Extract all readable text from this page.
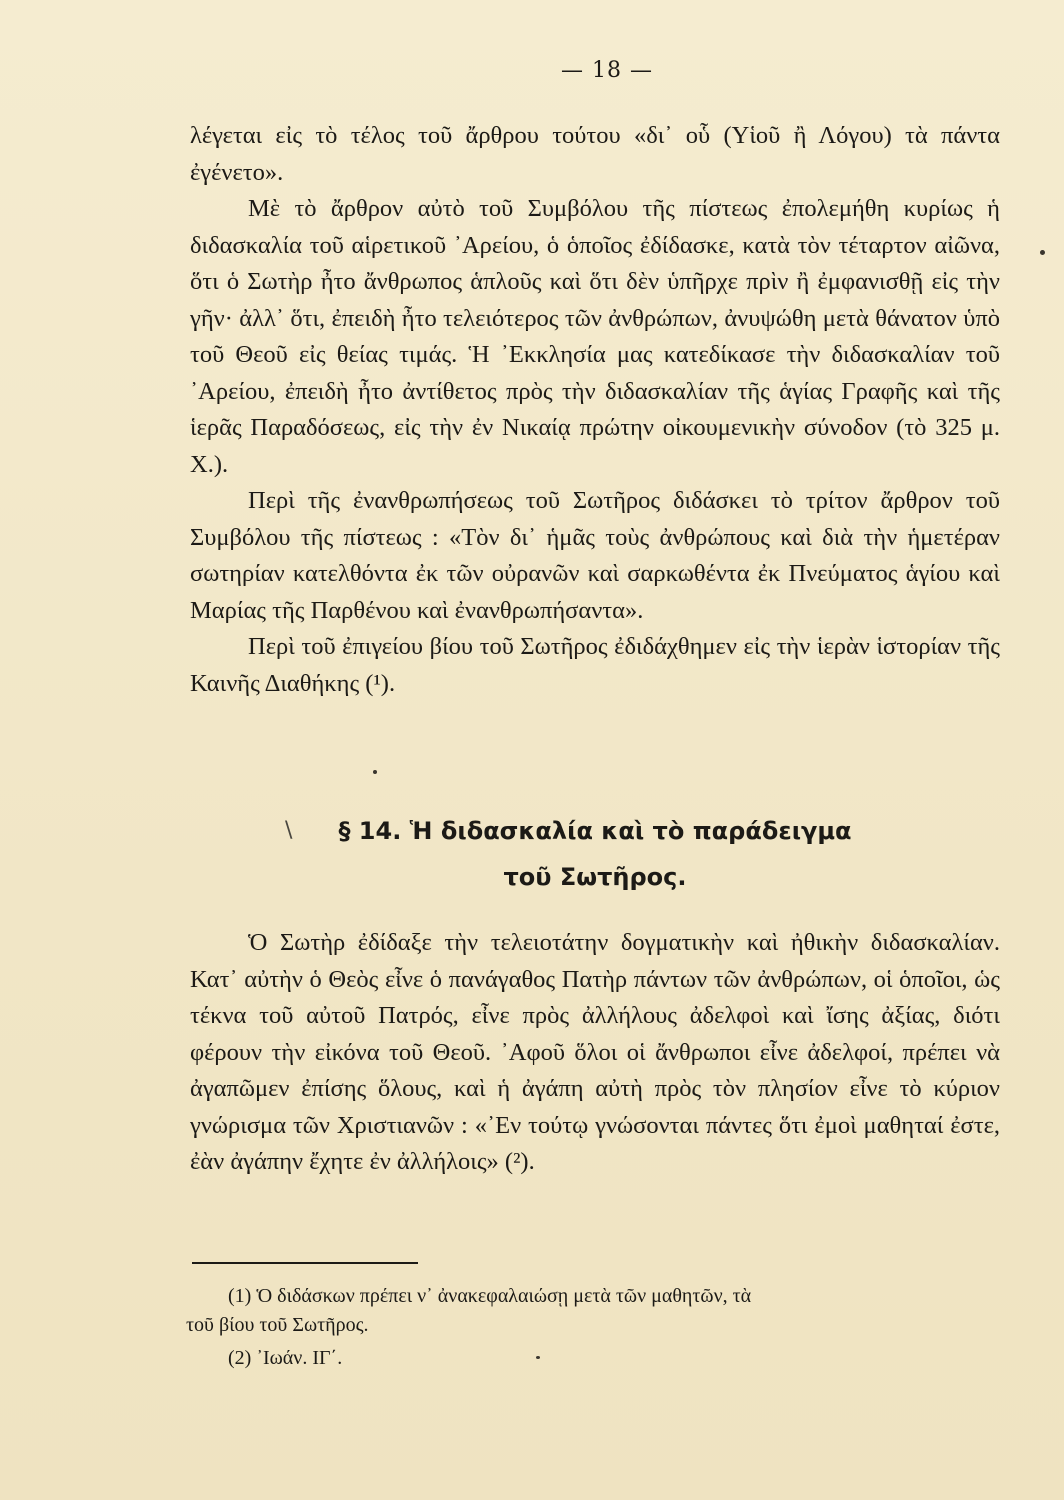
— 18 —

λέγεται εἰς τὸ τέλος τοῦ ἄρθρου τούτου «δι᾽ οὗ (Υἱοῦ ἢ Λόγου) τὰ πάντα ἐγένετο».

Μὲ τὸ ἄρθρον αὐτὸ τοῦ Συμβόλου τῆς πίστεως ἐπολεμήθη κυρίως ἡ διδασκαλία τοῦ αἱρετικοῦ ᾽Αρείου, ὁ ὁποῖος ἐδίδασκε, κατὰ τὸν τέταρτον αἰῶνα, ὅτι ὁ Σωτὴρ ἦτο ἄνθρωπος ἁπλοῦς καὶ ὅτι δὲν ὑπῆρχε πρὶν ἢ ἐμφανισθῇ εἰς τὴν γῆν· ἀλλ᾽ ὅτι, ἐπειδὴ ἦτο τελειότερος τῶν ἀνθρώπων, ἀνυψώθη μετὰ θάνατον ὑπὸ τοῦ Θεοῦ εἰς θείας τιμάς. Ἡ ᾽Εκκλησία μας κατεδίκασε τὴν διδασκαλίαν τοῦ ᾽Αρείου, ἐπειδὴ ἦτο ἀντίθετος πρὸς τὴν διδασκαλίαν τῆς ἁγίας Γραφῆς καὶ τῆς ἱερᾶς Παραδόσεως, εἰς τὴν ἐν Νικαίᾳ πρώτην οἰκουμενικὴν σύνοδον (τὸ 325 μ. Χ.).

Περὶ τῆς ἐνανθρωπήσεως τοῦ Σωτῆρος διδάσκει τὸ τρίτον ἄρθρον τοῦ Συμβόλου τῆς πίστεως : «Τὸν δι᾽ ἡμᾶς τοὺς ἀνθρώπους καὶ διὰ τὴν ἡμετέραν σωτηρίαν κατελθόντα ἐκ τῶν οὐρανῶν καὶ σαρκωθέντα ἐκ Πνεύματος ἁγίου καὶ Μαρίας τῆς Παρθένου καὶ ἐνανθρωπήσαντα».

Περὶ τοῦ ἐπιγείου βίου τοῦ Σωτῆρος ἐδιδάχθημεν εἰς τὴν ἱερὰν ἱστορίαν τῆς Καινῆς Διαθήκης (¹).

\	§ 14. Ἡ διδασκαλία καὶ τὸ παράδειγμα
τοῦ Σωτῆρος.

Ὁ Σωτὴρ ἐδίδαξε τὴν τελειοτάτην δογματικὴν καὶ ἠθικὴν διδασκαλίαν. Κατ᾽ αὐτὴν ὁ Θεὸς εἶνε ὁ πανάγαθος Πατὴρ πάντων τῶν ἀνθρώπων, οἱ ὁποῖοι, ὡς τέκνα τοῦ αὐτοῦ Πατρός, εἶνε πρὸς ἀλλήλους ἀδελφοὶ καὶ ἴσης ἀξίας, διότι φέρουν τὴν εἰκόνα τοῦ Θεοῦ. ᾽Αφοῦ ὅλοι οἱ ἄνθρωποι εἶνε ἀδελφοί, πρέπει νὰ ἀγαπῶμεν ἐπίσης ὅλους, καὶ ἡ ἀγάπη αὐτὴ πρὸς τὸν πλησίον εἶνε τὸ κύριον γνώρισμα τῶν Χριστιανῶν : «᾽Εν τούτῳ γνώσονται πάντες ὅτι ἐμοὶ μαθηταί ἐστε, ἐὰν ἀγάπην ἔχητε ἐν ἀλλήλοις» (²).

(1) Ὁ διδάσκων πρέπει ν᾽ ἀνακεφαλαιώσῃ μετὰ τῶν μαθητῶν, τὰ

τοῦ βίου τοῦ Σωτῆρος.

(2) ᾽Ιωάν. ΙΓ΄.
